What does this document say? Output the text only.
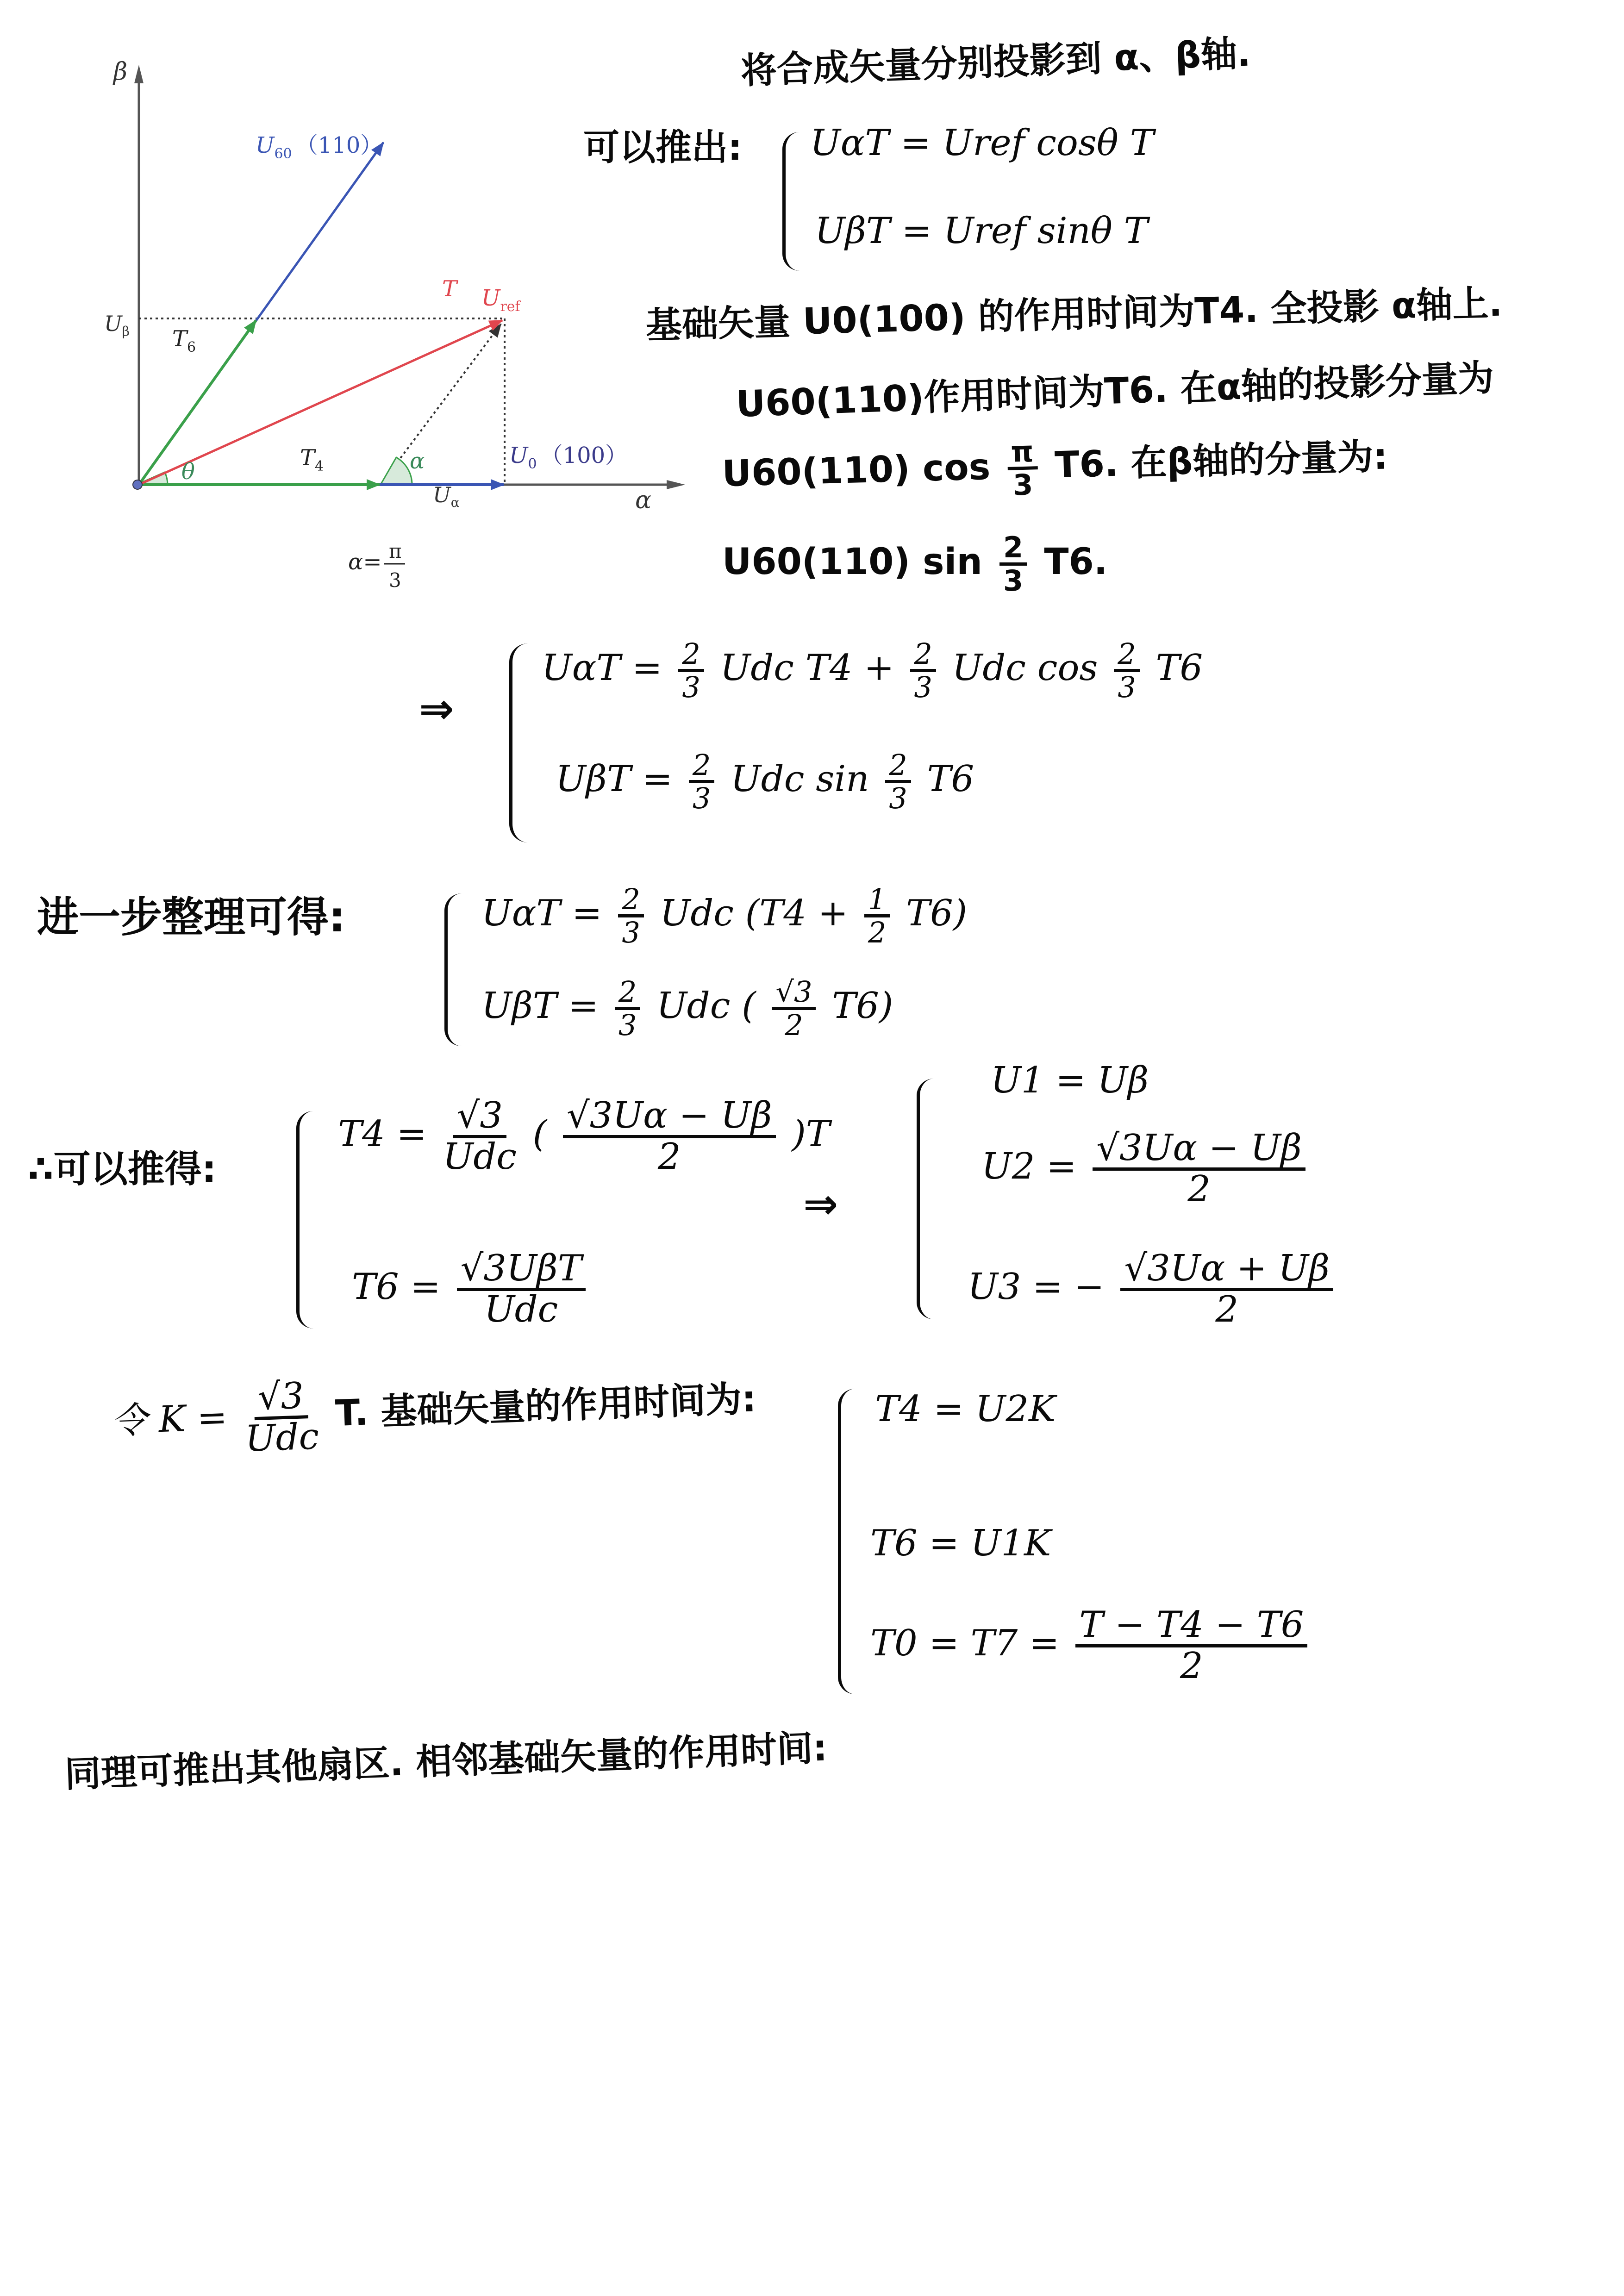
β
α
$U_{60}$ （110）
T $U_{ref}$
$U_\beta$ $T_6$
$T_4$
θ	α	$U_0$ （100）
$U_\alpha$
α= π
3
将合成矢量分别投影到 α、β轴.
可以推出: UαT = Uref cosθ T
UβT = Uref sinθ T
基础矢量 U0(100) 的作用时间为T4. 全投影 α轴上.
U60(110)作用时间为T6. 在α轴的投影分量为
U60(110) $\cos \frac{\pi}{3} T6$. 在β轴的分量为:
U60(110) $\sin \frac{2}{3} T6$.
⇒
$U\alpha T = \frac{2}{3}$ Udc $T4 + \frac{2}{3}$ Udc $\cos \frac{2}{3} T6$
$U\beta T = \frac{2}{3}$ Udc $\sin \frac{2}{3} T6$
进一步整理可得:	$U\alpha T = \frac{2}{3}$ Udc $(T4 + \frac{1}{2} T6)$
$U\beta T = \frac{2}{3}$ Udc ( $\frac{√3}{2} T6$)
∴可以推得:
$T4 = \frac{√3}{\text{Udc}}$ ( $\frac{√3U\alpha - U\beta}{2} )T$
$T6 = \frac{\text{√3UβT}}{\text{Udc}}$
⇒
U1 = Uβ
$U2 = \frac{√3U\alpha - U\beta}{2}$
U3 = − $\frac{√3U\alpha + U\beta}{2}$
令 $K = \frac{√3}{\text{Udc}} T$. 基础矢量的作用时间为:	T4 = U2K
T6 = U1K
$T0 = T7 = \frac{T - T4 - T6}{2}$
同理可推出其他扇区. 相邻基础矢量的作用时间:
